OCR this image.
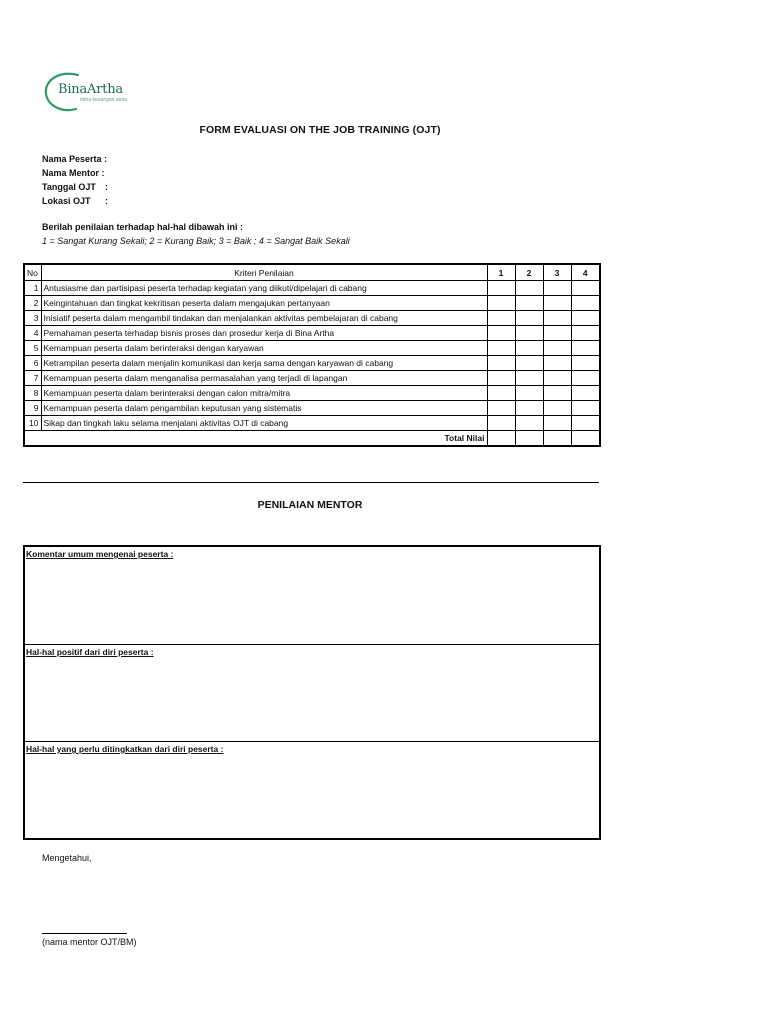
BinaArtha
mitra keuangan anda
FORM EVALUASI ON THE JOB TRAINING (OJT)
Nama Peserta :
Nama Mentor :
Tanggal OJT :
Lokasi OJT :
Berilah penilaian terhadap hal-hal dibawah ini :
1 = Sangat Kurang Sekali; 2 = Kurang Baik; 3 = Baik ; 4 = Sangat Baik Sekali
No	Kriteri Penilaian	1	2	3	4
1	Antusiasme dan partisipasi peserta terhadap kegiatan yang diikuti/dipelajari di cabang				
2	Keingintahuan dan tingkat kekritisan peserta dalam mengajukan pertanyaan				
3	Inisiatif peserta dalam mengambil tindakan dan menjalankan aktivitas pembelajaran di cabang				
4	Pemahaman peserta terhadap bisnis proses dan prosedur kerja di Bina Artha				
5	Kemampuan peserta dalam berinteraksi dengan karyawan				
6	Ketrampilan peserta dalam menjalin komunikasi dan kerja sama dengan karyawan di cabang				
7	Kemampuan peserta dalam menganalisa permasalahan yang terjadi di lapangan				
8	Kemampuan peserta dalam berinteraksi dengan calon mitra/mitra				
9	Kemampuan peserta dalam pengambilan keputusan yang sistematis				
10	Sikap dan tingkah laku selama menjalani aktivitas OJT di cabang				
Total Nilai					
PENILAIAN MENTOR
Komentar umum mengenai peserta :
Hal-hal positif dari diri peserta :
Hal-hal yang perlu ditingkatkan dari diri peserta :
Mengetahui,
(nama mentor OJT/BM)
